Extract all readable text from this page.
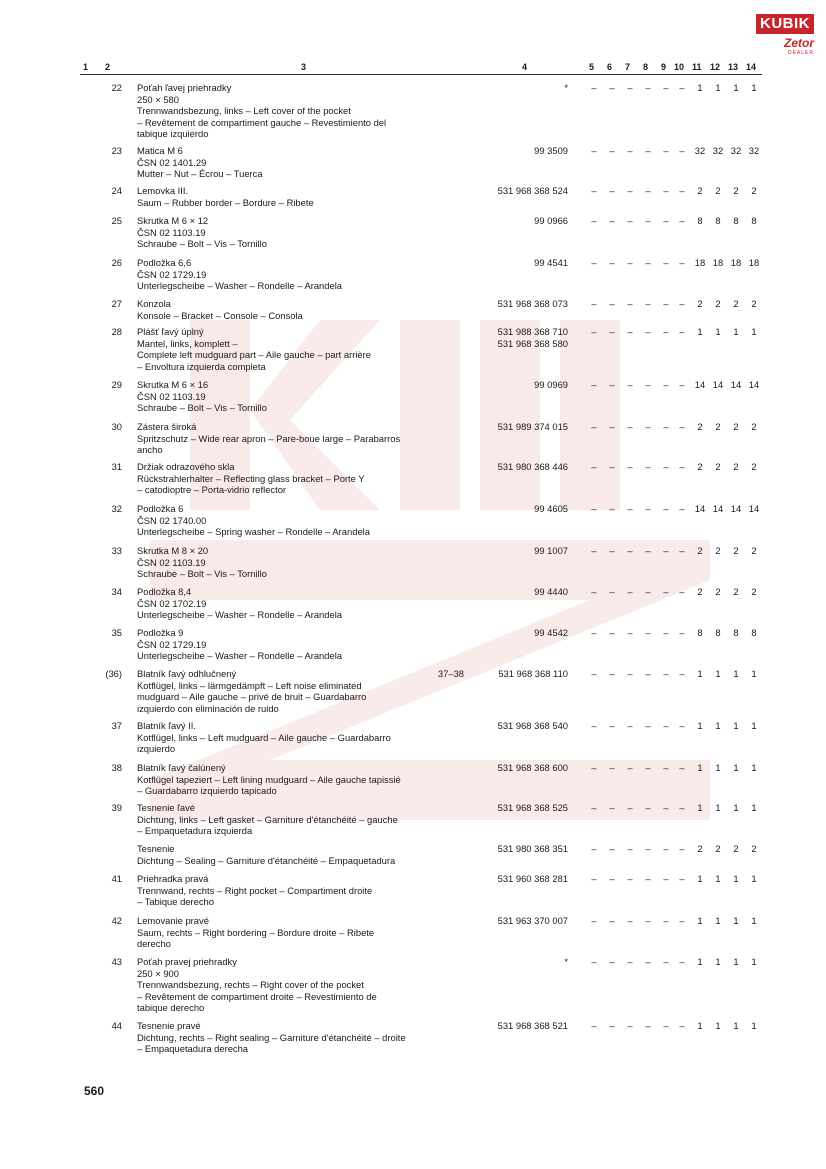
KUBIK
Zetor
DEALER
1 2	3	4	5 6 7 8 9 10 11 12 13 14
22 Poťah ľavej priehradky
250 × 580
Trennwandsbezung, links – Left cover of the pocket
– Revêtement de compartiment gauche – Revestimiento del
tabique izquierdo
*	–	–	–	–	–	–	1	1	1	1
23 Matica M 6
ČSN 02 1401.29
Mutter – Nut – Écrou – Tuerca
99 3509	–	–	–	–	–	–	32 32 32 32
24 Lemovka III.
Saum – Rubber border – Bordure – Ribete
531 968 368 524	–	–	–	–	–	–	2	2	2	2
25 Skrutka M 6 × 12
ČSN 02 1103.19
Schraube – Bolt – Vis – Tornillo
99 0966	–	–	–	–	–	–	8	8	8	8
26 Podložka 6,6
ČSN 02 1729.19
Unterlegscheibe – Washer – Rondelle – Arandela
99 4541	–	–	–	–	–	–	18 18 18 18
27 Konzola
Konsole – Bracket – Console – Consola
531 968 368 073	–	–	–	–	–	–	2	2	2	2
28 Plášť ľavý úplný
Mantel, links, komplett –
Complete left mudguard part – Aile gauche – part arrière
– Envoltura izquierda completa
531 988 368 710
531 968 368 580
–	–	–	–	–	–	1	1	1	1
29 Skrutka M 6 × 16
ČSN 02 1103.19
Schraube – Bolt – Vis – Tornillo
99 0969	–	–	–	–	–	–	14 14 14 14
30 Zástera široká
Spritzschutz – Wide rear apron – Pare-boue large – Parabarros
ancho
531 989 374 015	–	–	–	–	–	–	2	2	2	2
31 Držiak odrazového skla
Rückstrahlerhalter – Reflecting glass bracket – Porte Y
– catodioptre – Porta-vidrio reflector
531 980 368 446	–	–	–	–	–	–	2	2	2	2
32 Podložka 6
ČSN 02 1740.00
Unterlegscheibe – Spring washer – Rondelle – Arandela
99 4605	–	–	–	–	–	–	14 14 14 14
33 Skrutka M 8 × 20
ČSN 02 1103.19
Schraube – Bolt – Vis – Tornillo
99 1007	–	–	–	–	–	–	2	2	2	2
34 Podložka 8,4
ČSN 02 1702.19
Unterlegscheibe – Washer – Rondelle – Arandela
99 4440	–	–	–	–	–	–	2	2	2	2
35 Podložka 9
ČSN 02 1729.19
Unterlegscheibe – Washer – Rondelle – Arandela
99 4542	–	–	–	–	–	–	8	8	8	8
(36) Blatník ľavý odhlučnený
Kotflügel, links – lärmgedämpft – Left noise eliminated
mudguard – Aile gauche – privé de bruit – Guardabarro
izquierdo con eliminación de ruido
37–38	531 968 368 110	–	–	–	–	–	–	1	1	1	1
37 Blatník ľavý II.
Kotflügel, links – Left mudguard – Aile gauche – Guardabarro
izquierdo
531 968 368 540	–	–	–	–	–	–	1	1	1	1
38 Blatník ľavý čalúnený
Kotflügel tapeziert – Left lining mudguard – Aile gauche tapissié
– Guardabarro izquierdo tapicado
531 968 368 600	–	–	–	–	–	–	1	1	1	1
39 Tesnenie ľavé
Dichtung, links – Left gasket – Garniture d'étanchéité – gauche
– Empaquetadura izquierda
531 968 368 525	–	–	–	–	–	–	1	1	1	1
Tesnenie
Dichtung – Sealing – Garniture d'étanchéité – Empaquetadura
531 980 368 351	–	–	–	–	–	–	2	2	2	2
41 Priehradka pravá
Trennwand, rechts – Right pocket – Compartiment droite
– Tabique derecho
531 960 368 281	–	–	–	–	–	–	1	1	1	1
42 Lemovanie pravé
Saum, rechts – Right bordering – Bordure droite – Ribete
derecho
531 963 370 007	–	–	–	–	–	–	1	1	1	1
43 Poťah pravej priehradky
250 × 900
Trennwandsbezung, rechts – Right cover of the pocket
– Revêtement de compartiment droite – Revestimiento de
tabique derecho
*	–	–	–	–	–	–	1	1	1	1
44 Tesnenie pravé
Dichtung, rechts – Right sealing – Garniture d'étanchéité – droite
– Empaquetadura derecha
531 968 368 521	–	–	–	–	–	–	1	1	1	1
560
